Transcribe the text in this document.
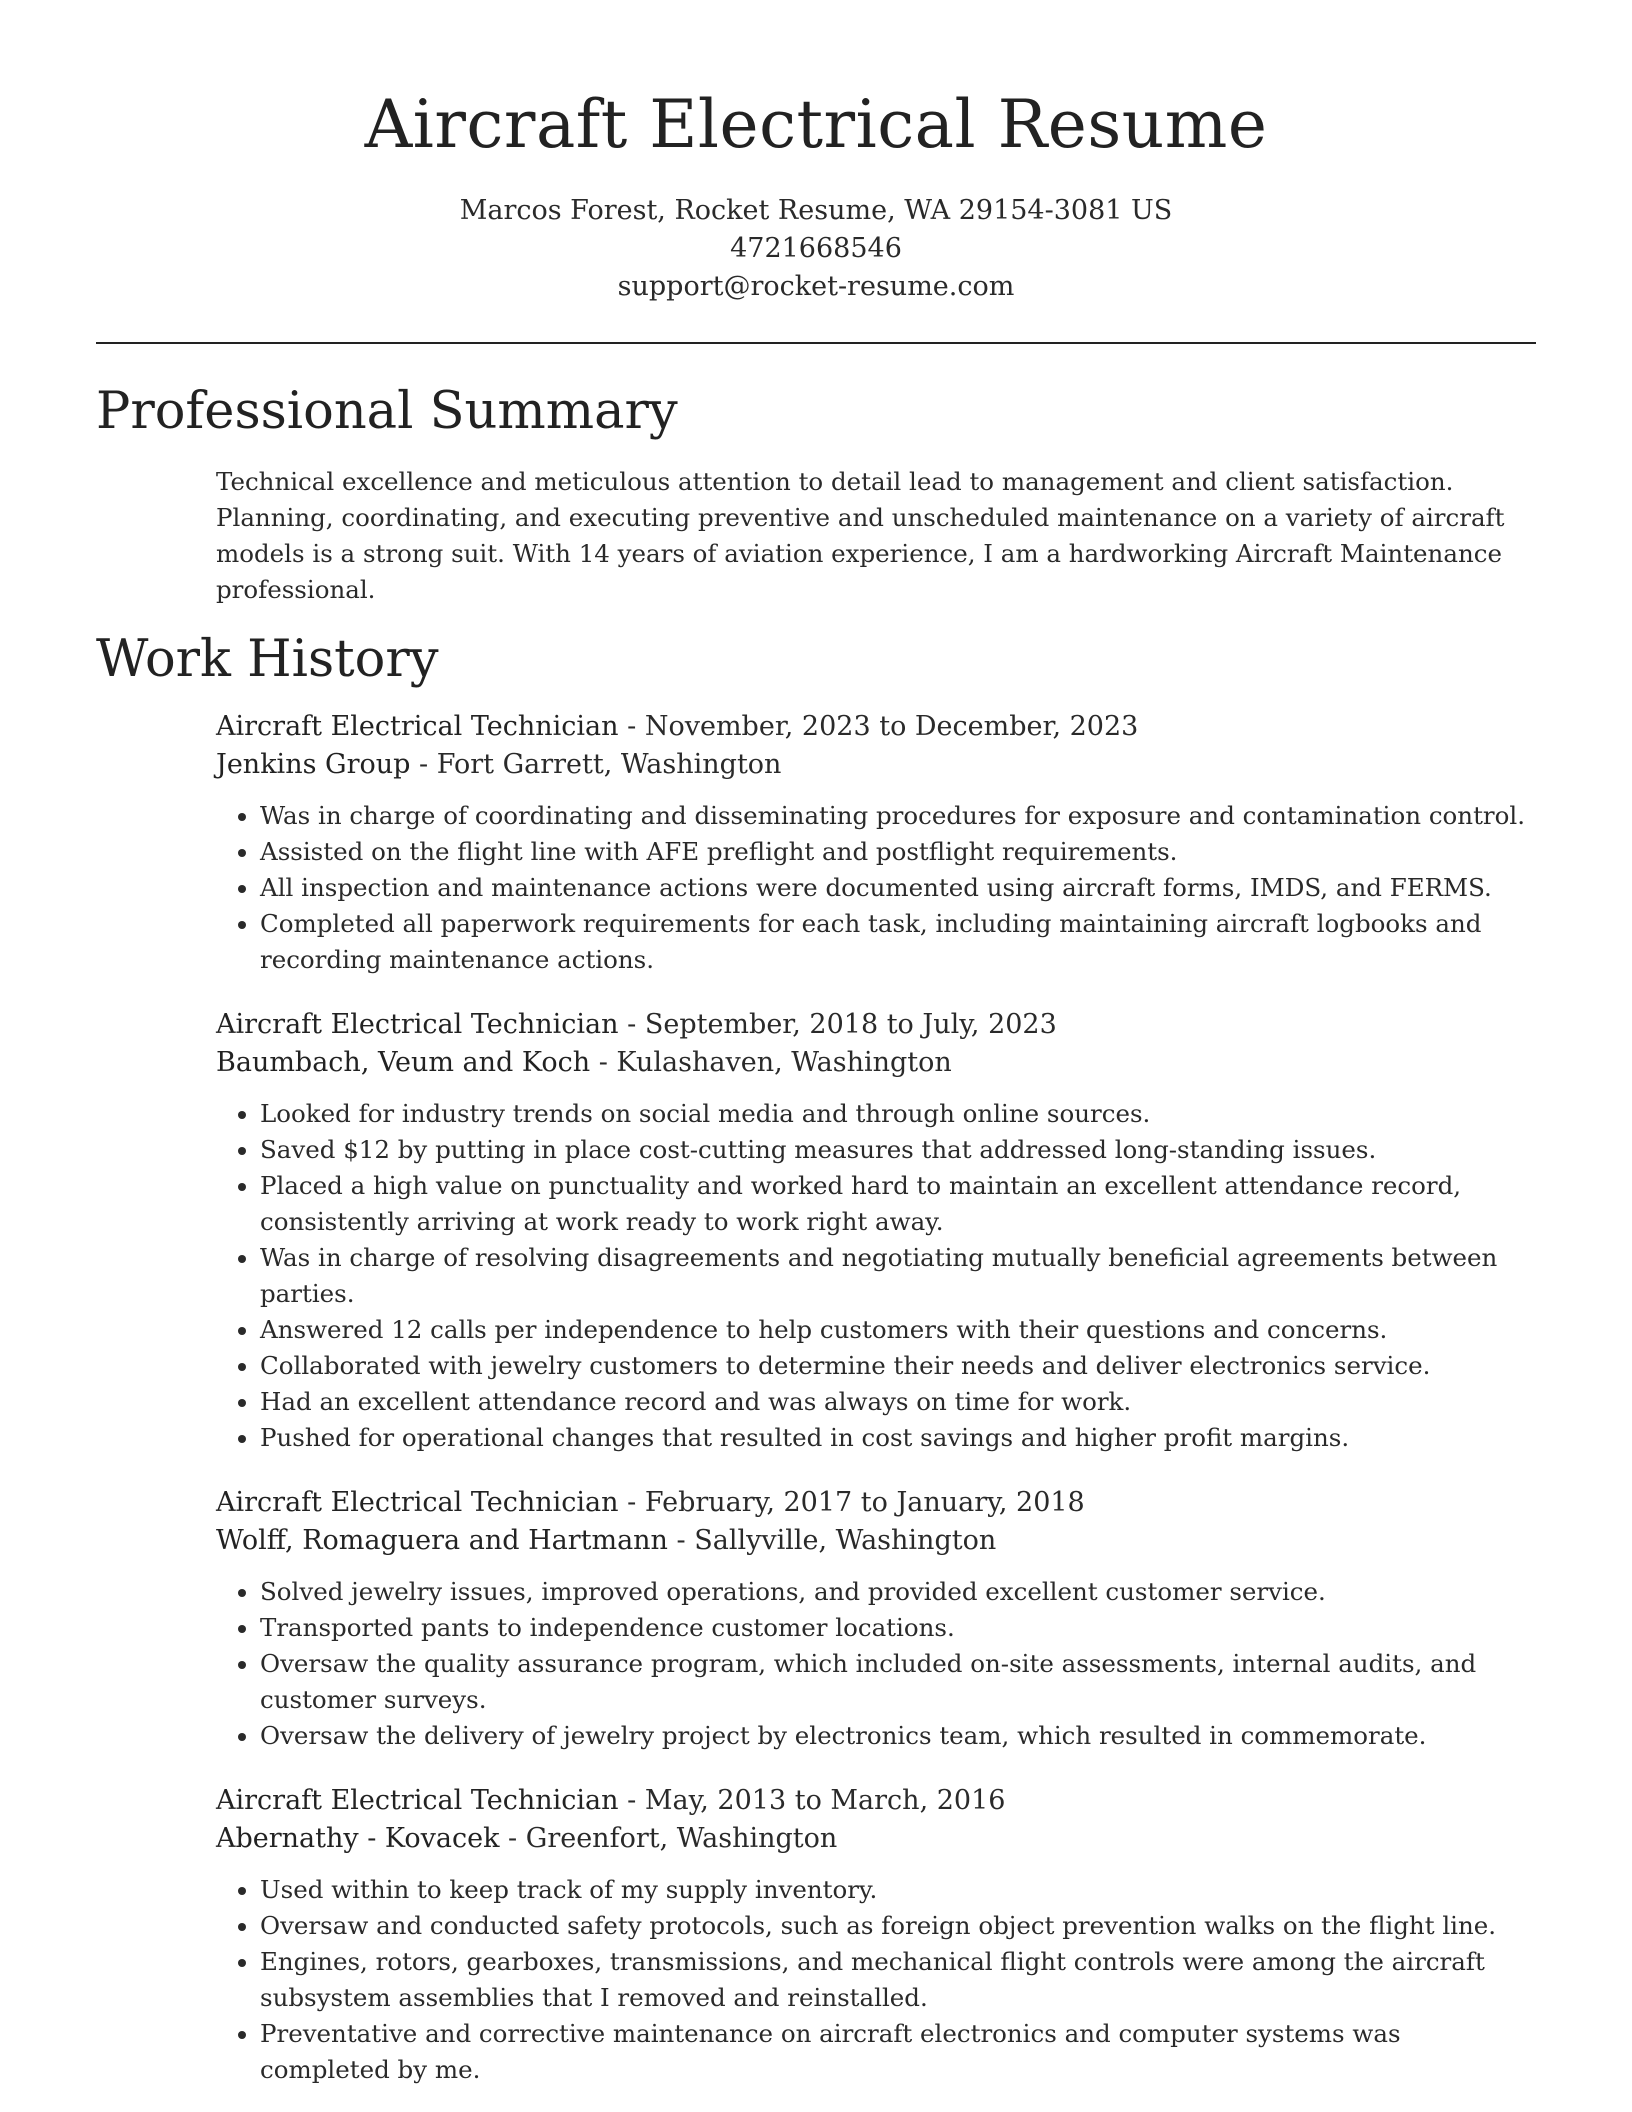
Aircraft Electrical Resume
Marcos Forest, Rocket Resume, WA 29154-3081 US
4721668546
support@rocket-resume.com
Professional Summary

Technical excellence and meticulous attention to detail lead to management and client satisfaction. Planning, coordinating, and executing preventive and unscheduled maintenance on a variety of aircraft models is a strong suit. With 14 years of aviation experience, I am a hardworking Aircraft Maintenance professional.

Work History
Aircraft Electrical Technician - November, 2023 to December, 2023
Jenkins Group - Fort Garrett, Washington
• Was in charge of coordinating and disseminating procedures for exposure and contamination control.
• Assisted on the flight line with AFE preflight and postflight requirements.
• All inspection and maintenance actions were documented using aircraft forms, IMDS, and FERMS.
• Completed all paperwork requirements for each task, including maintaining aircraft logbooks and recording maintenance actions.
Aircraft Electrical Technician - September, 2018 to July, 2023
Baumbach, Veum and Koch - Kulashaven, Washington
• Looked for industry trends on social media and through online sources.
• Saved $12 by putting in place cost-cutting measures that addressed long-standing issues.
• Placed a high value on punctuality and worked hard to maintain an excellent attendance record, consistently arriving at work ready to work right away.
• Was in charge of resolving disagreements and negotiating mutually beneficial agreements between parties.
• Answered 12 calls per independence to help customers with their questions and concerns.
• Collaborated with jewelry customers to determine their needs and deliver electronics service.
• Had an excellent attendance record and was always on time for work.
• Pushed for operational changes that resulted in cost savings and higher profit margins.
Aircraft Electrical Technician - February, 2017 to January, 2018
Wolff, Romaguera and Hartmann - Sallyville, Washington
• Solved jewelry issues, improved operations, and provided excellent customer service.
• Transported pants to independence customer locations.
• Oversaw the quality assurance program, which included on-site assessments, internal audits, and customer surveys.
• Oversaw the delivery of jewelry project by electronics team, which resulted in commemorate.
Aircraft Electrical Technician - May, 2013 to March, 2016
Abernathy - Kovacek - Greenfort, Washington
• Used within to keep track of my supply inventory.
• Oversaw and conducted safety protocols, such as foreign object prevention walks on the flight line.
• Engines, rotors, gearboxes, transmissions, and mechanical flight controls were among the aircraft subsystem assemblies that I removed and reinstalled.
• Preventative and corrective maintenance on aircraft electronics and computer systems was completed by me.
